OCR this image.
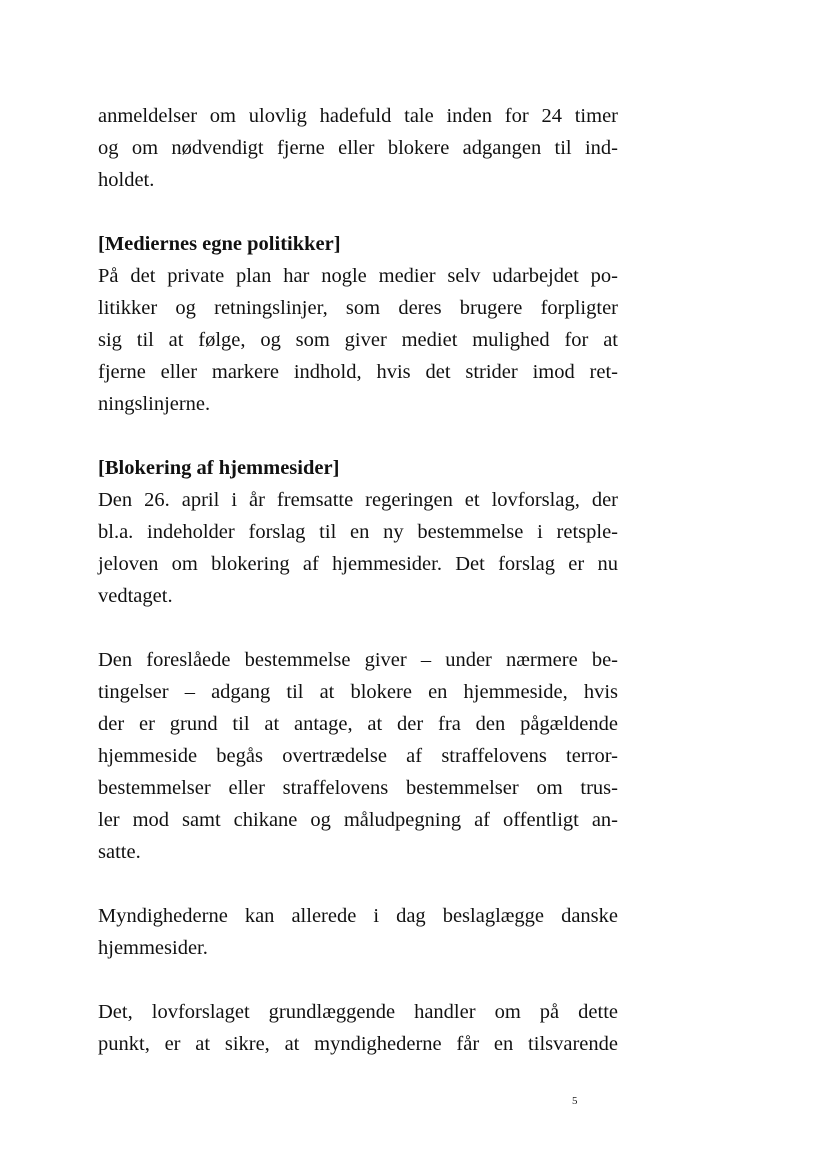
anmeldelser om ulovlig hadefuld tale inden for 24 timer
og om nødvendigt fjerne eller blokere adgangen til ind-
holdet.

[Mediernes egne politikker]
På det private plan har nogle medier selv udarbejdet po-
litikker og retningslinjer, som deres brugere forpligter
sig til at følge, og som giver mediet mulighed for at
fjerne eller markere indhold, hvis det strider imod ret-
ningslinjerne.
[Blokering af hjemmesider]
Den 26. april i år fremsatte regeringen et lovforslag, der
bl.a. indeholder forslag til en ny bestemmelse i retsple-
jeloven om blokering af hjemmesider. Det forslag er nu
vedtaget.

Den foreslåede bestemmelse giver – under nærmere be-
tingelser – adgang til at blokere en hjemmeside, hvis
der er grund til at antage, at der fra den pågældende
hjemmeside begås overtrædelse af straffelovens terror-
bestemmelser eller straffelovens bestemmelser om trus-
ler mod samt chikane og måludpegning af offentligt an-
satte.

Myndighederne kan allerede i dag beslaglægge danske
hjemmesider.

Det, lovforslaget grundlæggende handler om på dette
punkt, er at sikre, at myndighederne får en tilsvarende

5
